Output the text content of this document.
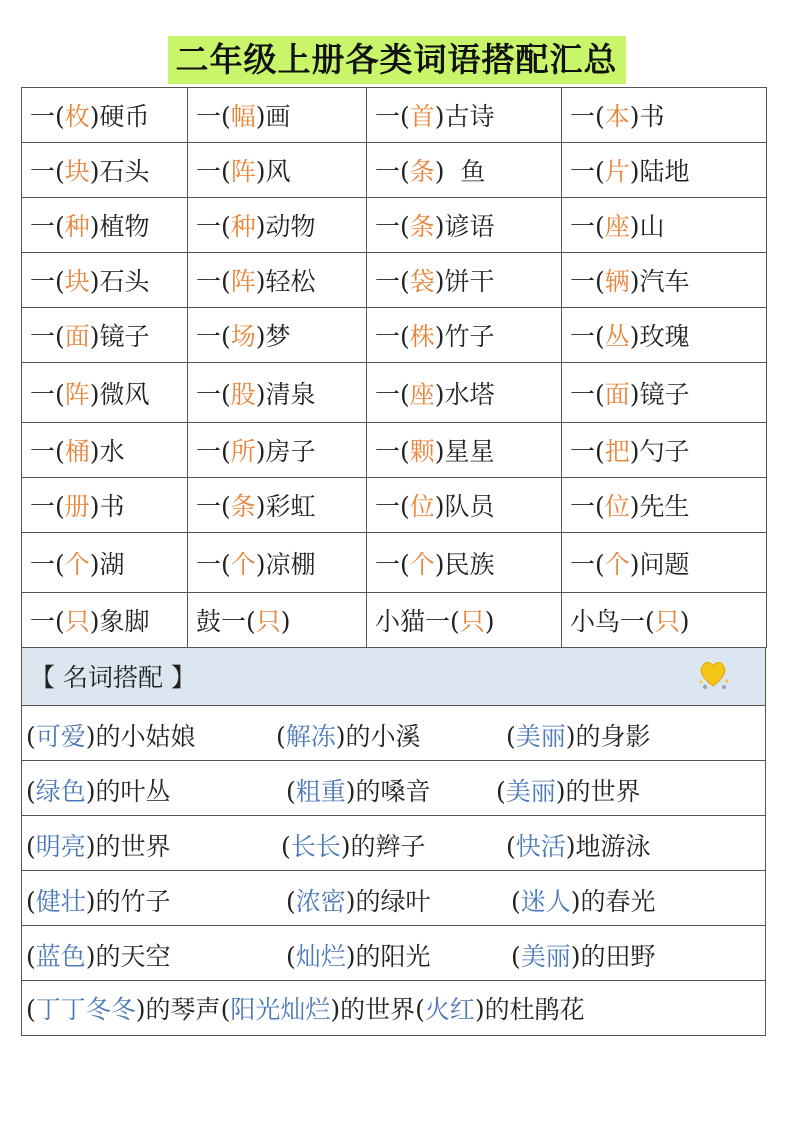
二年级上册各类词语搭配汇总
一(枚)硬币	一(幅)画	一(首)古诗	一(本)书
一(块)石头	一(阵)风	一(条)  鱼	一(片)陆地
一(种)植物	一(种)动物	一(条)谚语	一(座)山
一(块)石头	一(阵)轻松	一(袋)饼干	一(辆)汽车
一(面)镜子	一(场)梦	一(株)竹子	一(丛)玫瑰
一(阵)微风	一(股)清泉	一(座)水塔	一(面)镜子
一(桶)水	一(所)房子	一(颗)星星	一(把)勺子
一(册)书	一(条)彩虹	一(位)队员	一(位)先生
一(个)湖	一(个)凉棚	一(个)民族	一(个)问题
一(只)象脚	鼓一(只)	小猫一(只)	小鸟一(只)
【 名词搭配 】
(可爱)的小姑娘	(解冻)的小溪	(美丽)的身影

(绿色)的叶丛	(粗重)的嗓音	(美丽)的世界

(明亮)的世界	(长长)的辫子	(快活)地游泳

(健壮)的竹子	(浓密)的绿叶	(迷人)的春光

(蓝色)的天空	(灿烂)的阳光	(美丽)的田野

(丁丁冬冬)的琴声(阳光灿烂)的世界(火红)的杜鹃花
